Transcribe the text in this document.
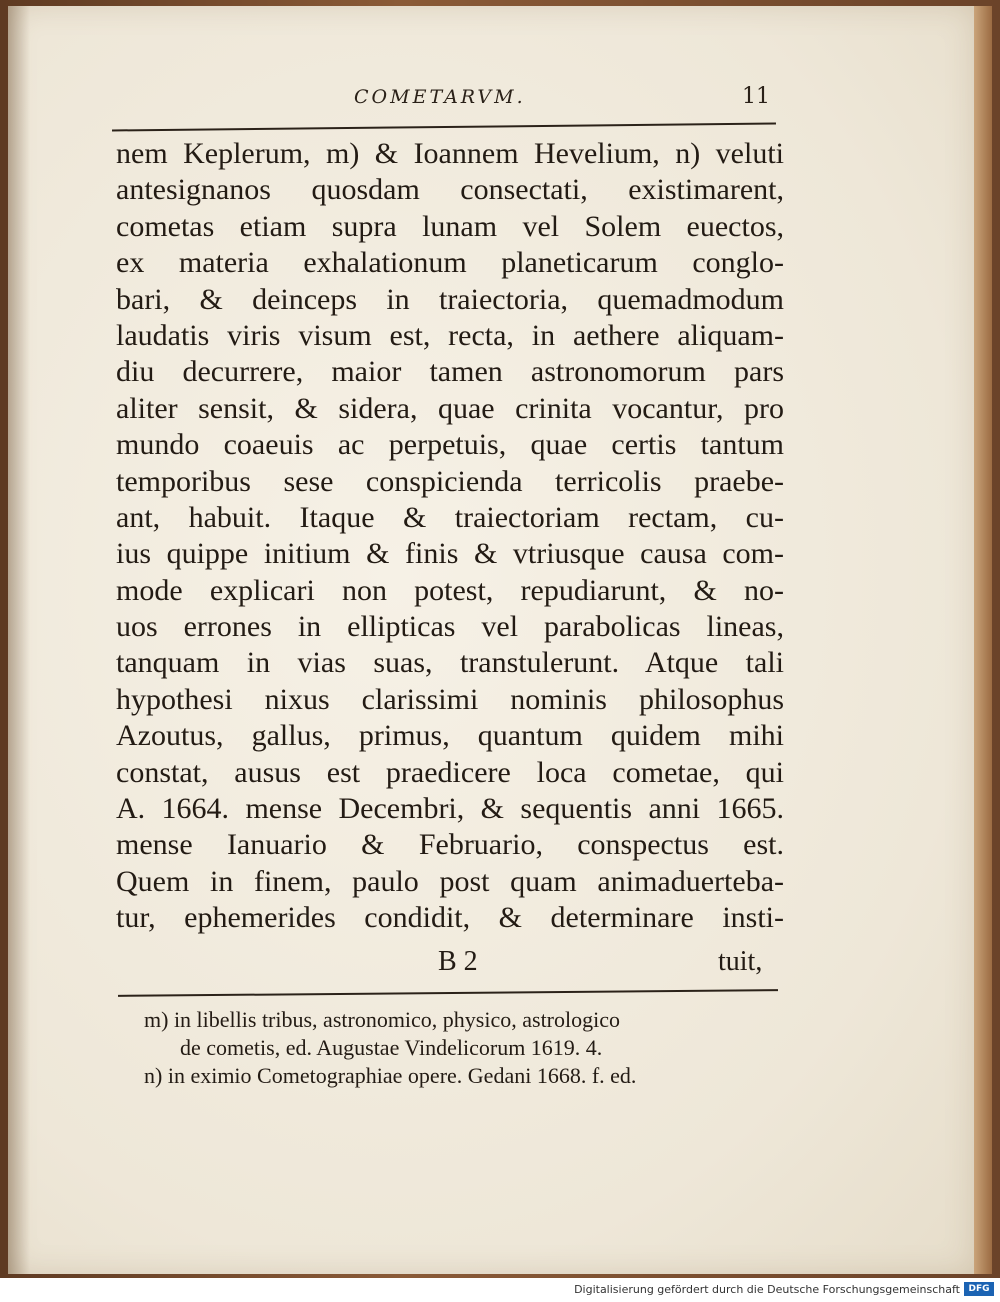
COMETARVM.	11
nem Keplerum, m) & Ioannem Hevelium, n) veluti
antesignanos quosdam consectati, existimarent,
cometas etiam supra lunam vel Solem euectos,
ex materia exhalationum planeticarum conglo-
bari, & deinceps in traiectoria, quemadmodum
laudatis viris visum est, recta, in aethere aliquam-
diu decurrere, maior tamen astronomorum pars
aliter sensit, & sidera, quae crinita vocantur, pro
mundo coaeuis ac perpetuis, quae certis tantum
temporibus sese conspicienda terricolis praebe-
ant, habuit. Itaque & traiectoriam rectam, cu-
ius quippe initium & finis & vtriusque causa com-
mode explicari non potest, repudiarunt, & no-
uos errones in ellipticas vel parabolicas lineas,
tanquam in vias suas, transtulerunt. Atque tali
hypothesi nixus clarissimi nominis philosophus
Azoutus, gallus, primus, quantum quidem mihi
constat, ausus est praedicere loca cometae, qui
A. 1664. mense Decembri, & sequentis anni 1665.
mense Ianuario & Februario, conspectus est.
Quem in finem, paulo post quam animaduerteba-
tur, ephemerides condidit, & determinare insti-
B 2	tuit,
m) in libellis tribus, astronomico, physico, astrologico
de cometis, ed. Augustae Vindelicorum 1619. 4.
n) in eximio Cometographiae opere. Gedani 1668. f. ed.
Digitalisierung gefördert durch die Deutsche Forschungsgemeinschaft DFG
